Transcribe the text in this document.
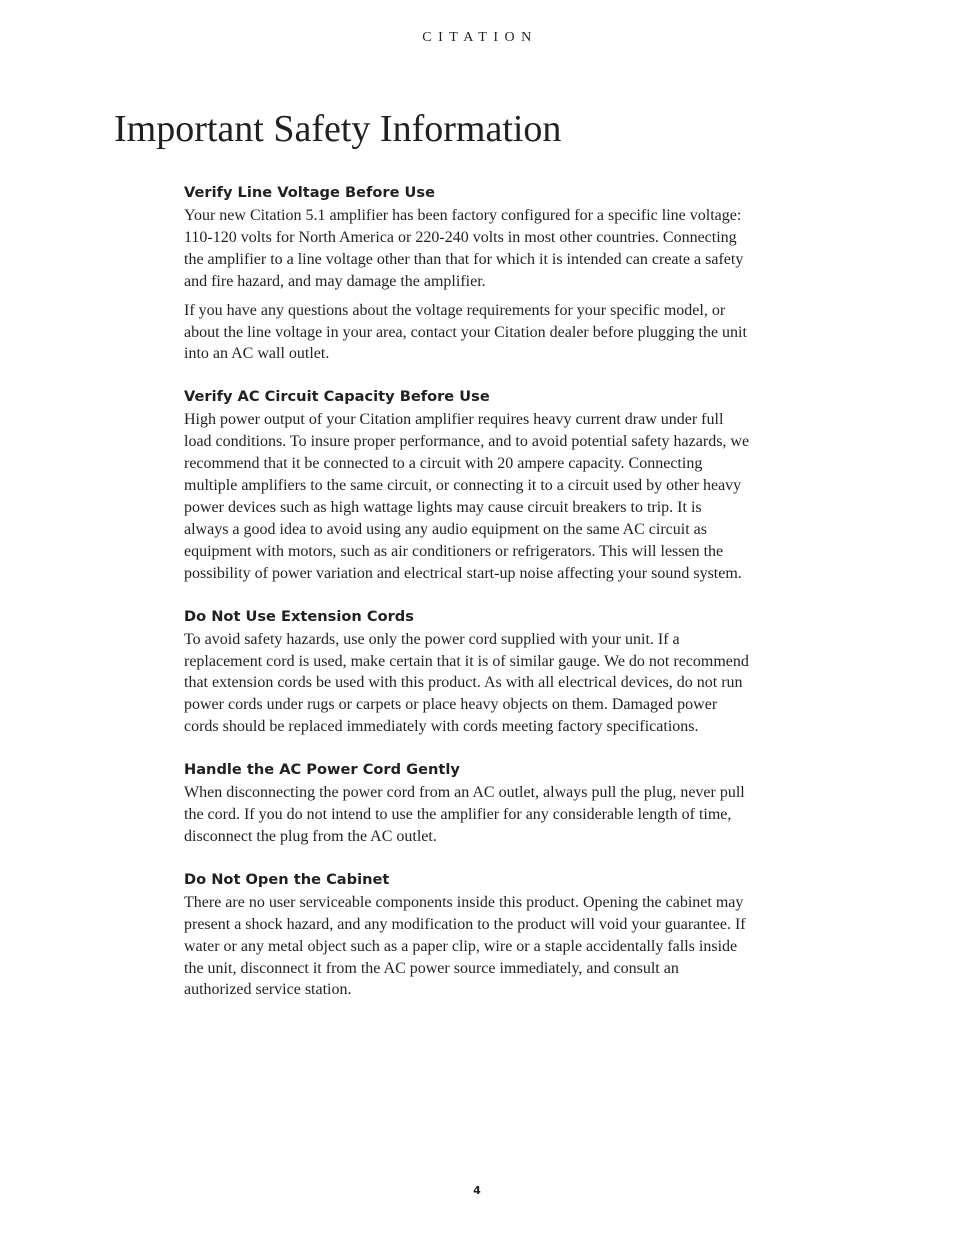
CITATION
Important Safety Information
Verify Line Voltage Before Use

Your new Citation 5.1 amplifier has been factory configured for a specific line voltage: 110-120 volts for North America or 220-240 volts in most other countries. Connecting the amplifier to a line voltage other than that for which it is intended can create a safety and fire hazard, and may damage the amplifier.

If you have any questions about the voltage requirements for your specific model, or about the line voltage in your area, contact your Citation dealer before plugging the unit into an AC wall outlet.

Verify AC Circuit Capacity Before Use

High power output of your Citation amplifier requires heavy current draw under full load conditions. To insure proper performance, and to avoid potential safety hazards, we recommend that it be connected to a circuit with 20 ampere capacity. Connecting multiple amplifiers to the same circuit, or connecting it to a circuit used by other heavy power devices such as high wattage lights may cause circuit breakers to trip. It is always a good idea to avoid using any audio equipment on the same AC circuit as equipment with motors, such as air conditioners or refrigerators. This will lessen the possibility of power variation and electrical start-up noise affecting your sound system.

Do Not Use Extension Cords

To avoid safety hazards, use only the power cord supplied with your unit. If a replacement cord is used, make certain that it is of similar gauge. We do not recommend that extension cords be used with this product. As with all electrical devices, do not run power cords under rugs or carpets or place heavy objects on them. Damaged power cords should be replaced immediately with cords meeting factory specifications.

Handle the AC Power Cord Gently

When disconnecting the power cord from an AC outlet, always pull the plug, never pull the cord. If you do not intend to use the amplifier for any considerable length of time, disconnect the plug from the AC outlet.

Do Not Open the Cabinet

There are no user serviceable components inside this product. Opening the cabinet may present a shock hazard, and any modification to the product will void your guarantee. If water or any metal object such as a paper clip, wire or a staple accidentally falls inside the unit, disconnect it from the AC power source immediately, and consult an authorized service station.

4
